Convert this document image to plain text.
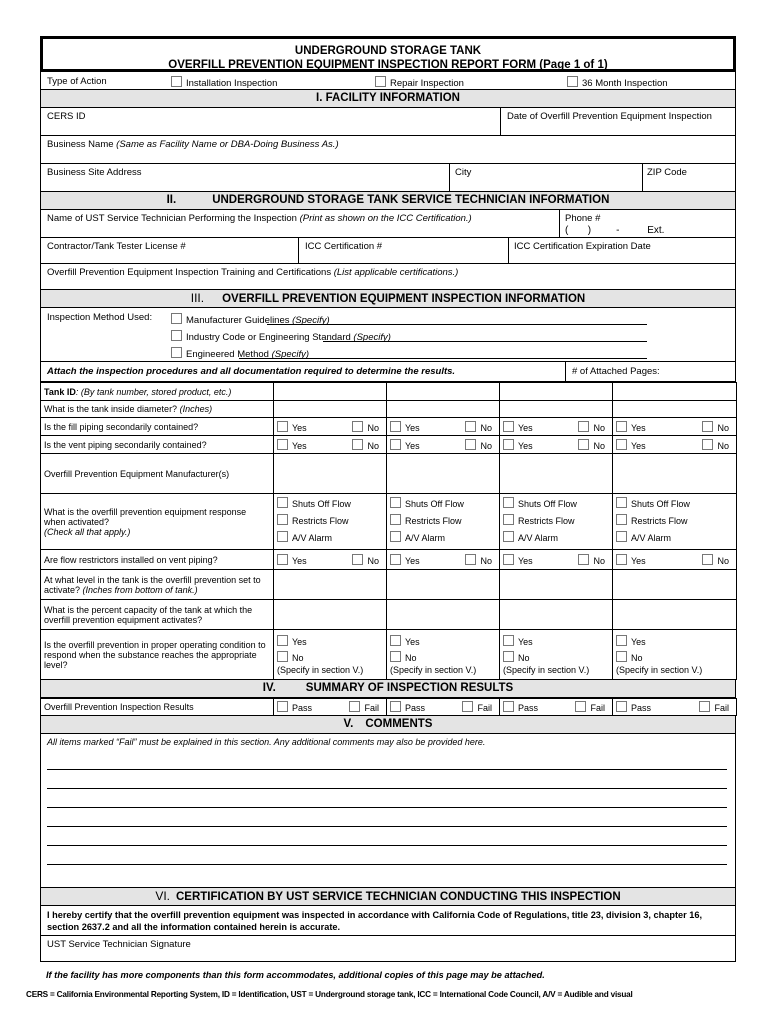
UNDERGROUND STORAGE TANK
OVERFILL PREVENTION EQUIPMENT INSPECTION REPORT FORM (Page 1 of 1)
Type of Action	Installation Inspection	Repair Inspection	36 Month Inspection
I. FACILITY INFORMATION
CERS ID	Date of Overfill Prevention Equipment Inspection
Business Name (Same as Facility Name or DBA-Doing Business As.)
Business Site Address	City	ZIP Code
II.	UNDERGROUND STORAGE TANK SERVICE TECHNICIAN INFORMATION
Name of UST Service Technician Performing the Inspection (Print as shown on the ICC Certification.)	Phone #
(       )         -          Ext.
Contractor/Tank Tester License #	ICC Certification #	ICC Certification Expiration Date
Overfill Prevention Equipment Inspection Training and Certifications (List applicable certifications.)
III. OVERFILL PREVENTION EQUIPMENT INSPECTION INFORMATION
Inspection Method Used:	Manufacturer Guidelines (Specify)
Industry Code or Engineering Standard (Specify)
Engineered Method (Specify)
Attach the inspection procedures and all documentation required to determine the results.	# of Attached Pages:
Tank ID: (By tank number, stored product, etc.)				
What is the tank inside diameter? (Inches)				
Is the fill piping secondarily contained?	Yes No	Yes No	Yes No	Yes No

Is the vent piping secondarily contained?	Yes No	Yes No	Yes No	Yes No

Overfill Prevention Equipment Manufacturer(s)				
What is the overfill prevention equipment response when activated?
(Check all that apply.)	Shuts Off Flow
Restricts Flow
A/V Alarm	Shuts Off Flow
Restricts Flow
A/V Alarm	Shuts Off Flow
Restricts Flow
A/V Alarm	Shuts Off Flow
Restricts Flow
A/V Alarm

Are flow restrictors installed on vent piping?	Yes No	Yes No	Yes No	Yes No

At what level in the tank is the overfill prevention set to activate? (Inches from bottom of tank.)				
What is the percent capacity of the tank at which the overfill prevention equipment activates?				
Is the overfill prevention in proper operating condition to respond when the substance reaches the appropriate level?	Yes
No
(Specify in section V.)	Yes
No
(Specify in section V.)	Yes
No
(Specify in section V.)	Yes
No
(Specify in section V.)
IV.	SUMMARY OF INSPECTION RESULTS
Overfill Prevention Inspection Results	Pass	Fail	Pass	Fail	Pass	Fail	Pass	Fail
V. COMMENTS
All items marked “Fail” must be explained in this section. Any additional comments may also be provided here.
VI. CERTIFICATION BY UST SERVICE TECHNICIAN CONDUCTING THIS INSPECTION
I hereby certify that the overfill prevention equipment was inspected in accordance with California Code of Regulations, title 23, division 3, chapter 16, section 2637.2 and all the information contained herein is accurate.
UST Service Technician Signature
If the facility has more components than this form accommodates, additional copies of this page may be attached.
CERS = California Environmental Reporting System, ID = Identification, UST = Underground storage tank, ICC = International Code Council, A/V = Audible and visual
